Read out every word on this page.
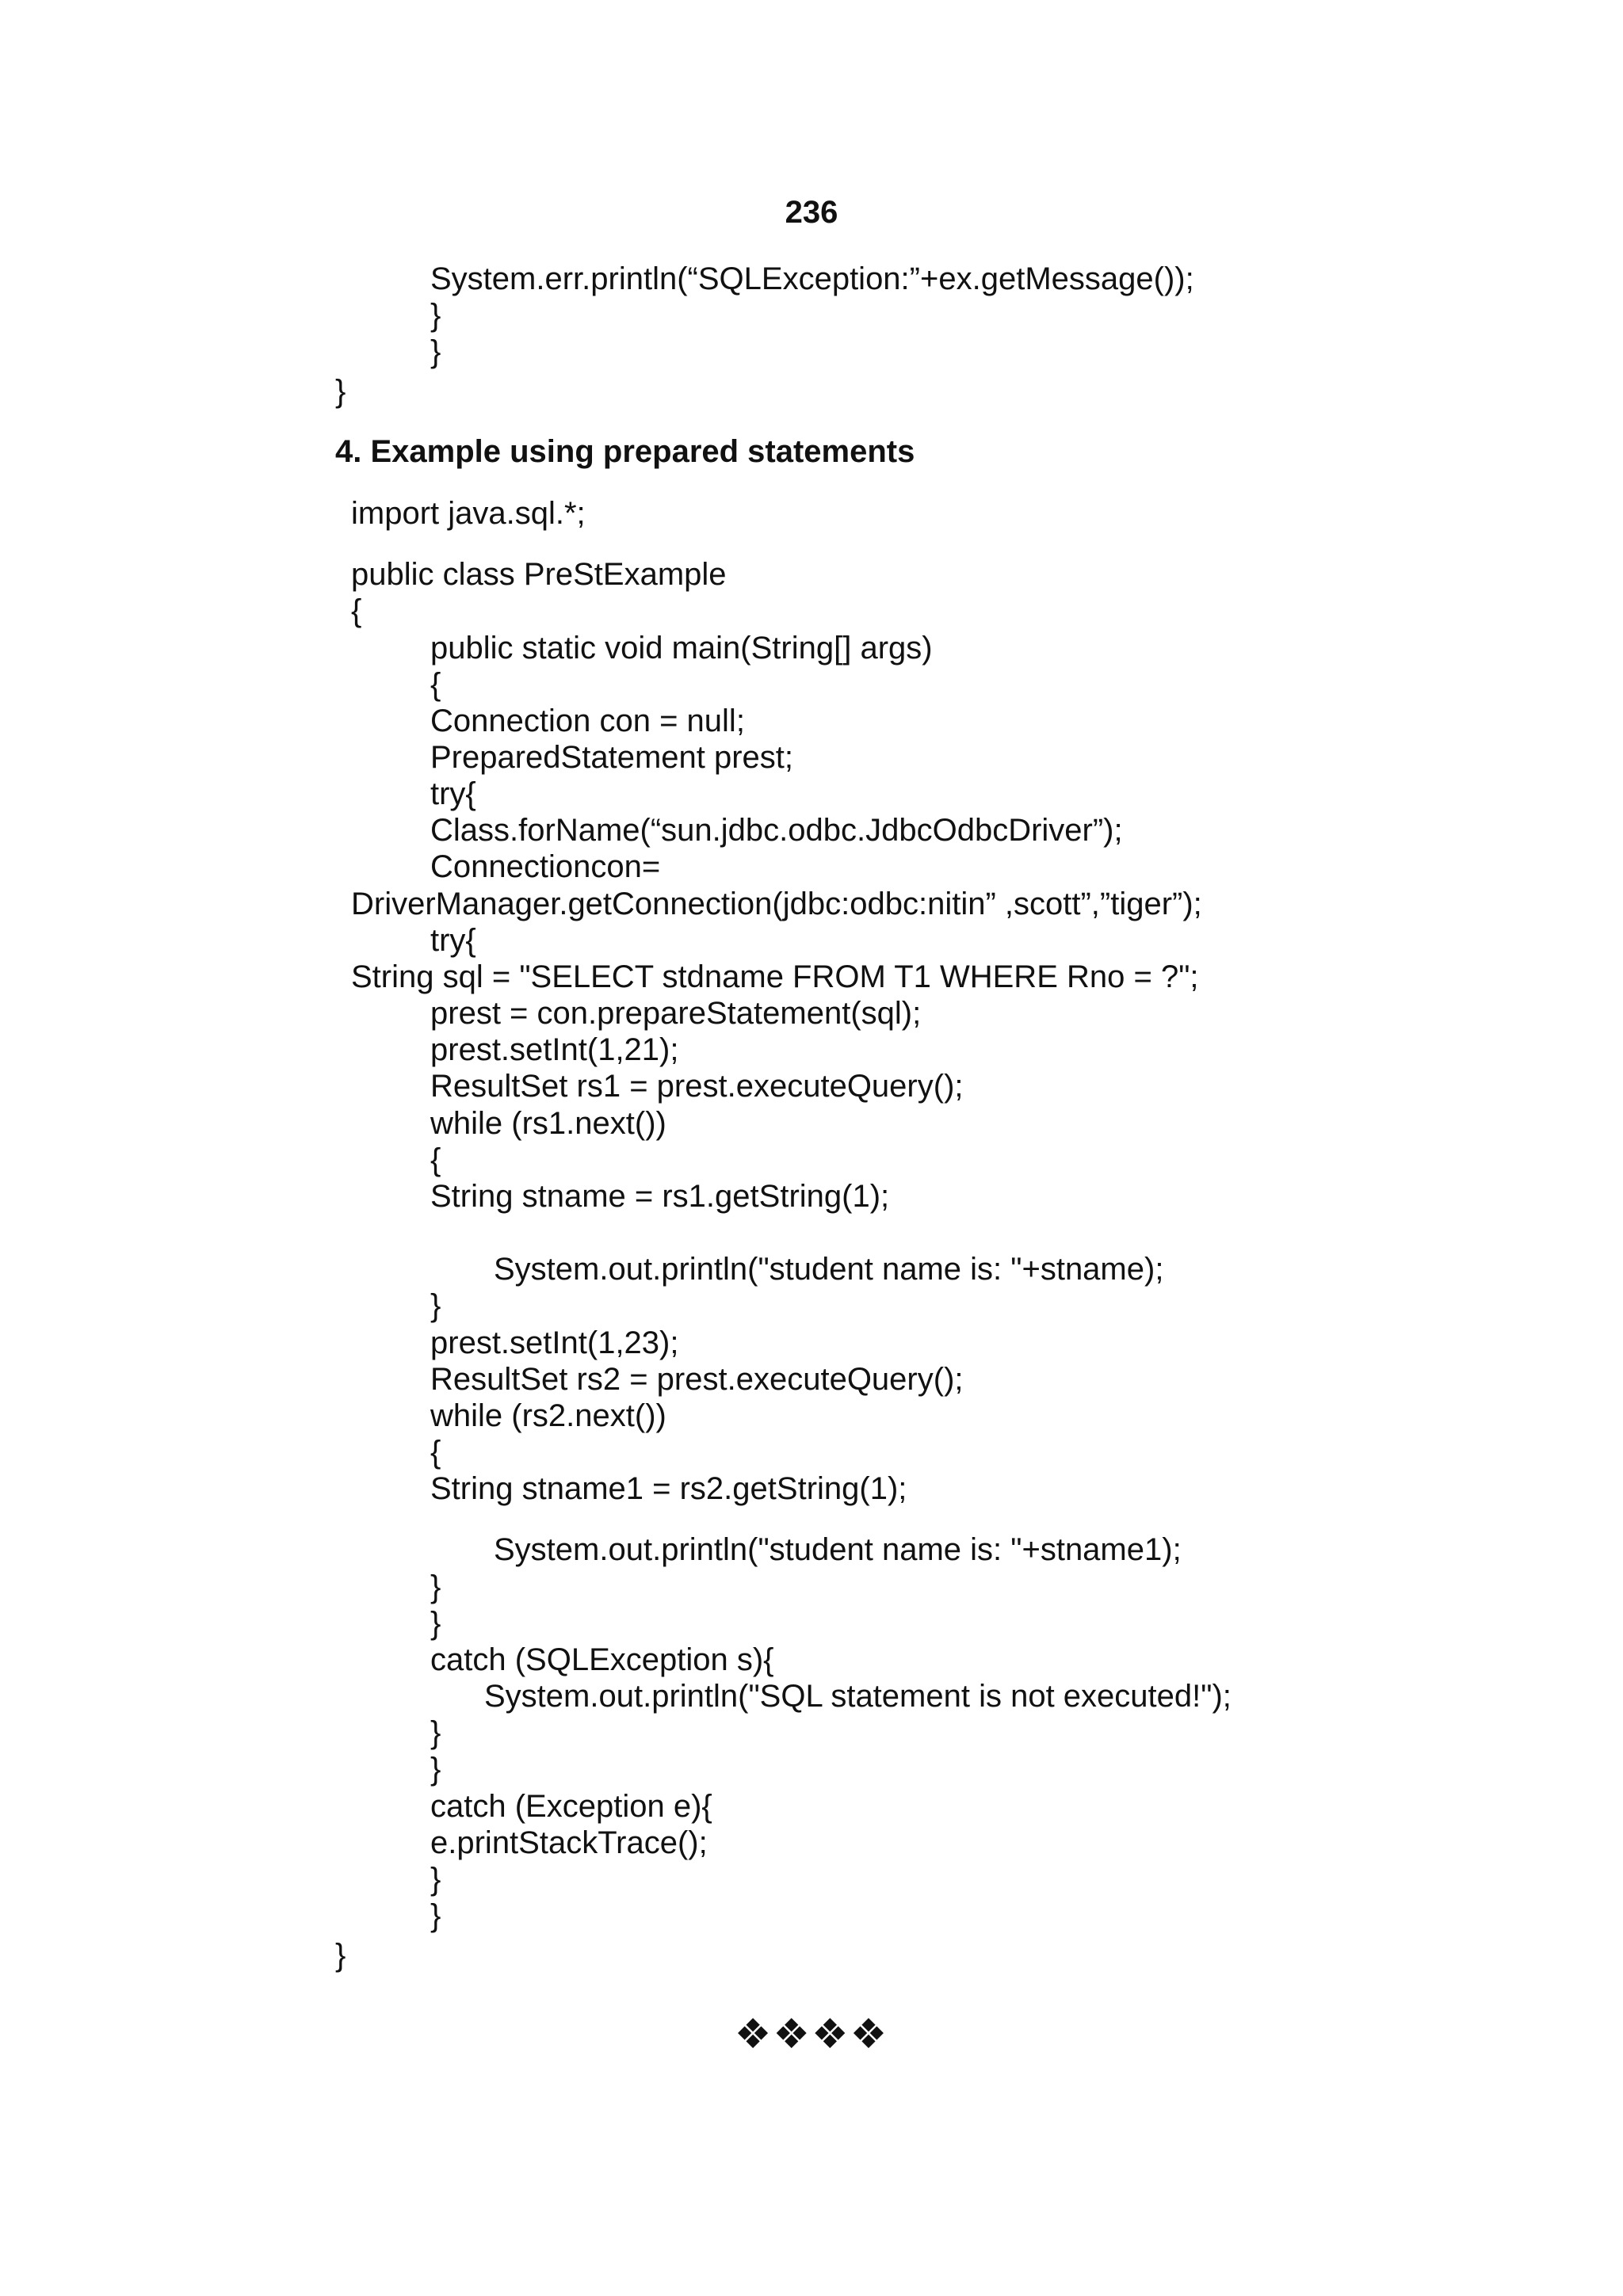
236
System.err.println(“SQLException:”+ex.getMessage());
}
}
}
4. Example using prepared statements
import java.sql.*;
public class PreStExample
{
public static void main(String[] args)
{
Connection con = null;
PreparedStatement prest;
try{
Class.forName(“sun.jdbc.odbc.JdbcOdbcDriver”);
Connectioncon=
DriverManager.getConnection(jdbc:odbc:nitin” ,scott”,”tiger”);
try{
String sql = "SELECT stdname FROM T1 WHERE Rno = ?";
prest = con.prepareStatement(sql);
prest.setInt(1,21);
ResultSet rs1 = prest.executeQuery();
while (rs1.next())
{
String stname = rs1.getString(1);
System.out.println("student name is: "+stname);
}
prest.setInt(1,23);
ResultSet rs2 = prest.executeQuery();
while (rs2.next())
{
String stname1 = rs2.getString(1);
System.out.println("student name is: "+stname1);
}
}
catch (SQLException s){
System.out.println("SQL statement is not executed!");
}
}
catch (Exception e){
e.printStackTrace();
}
}
}
❖❖❖❖
